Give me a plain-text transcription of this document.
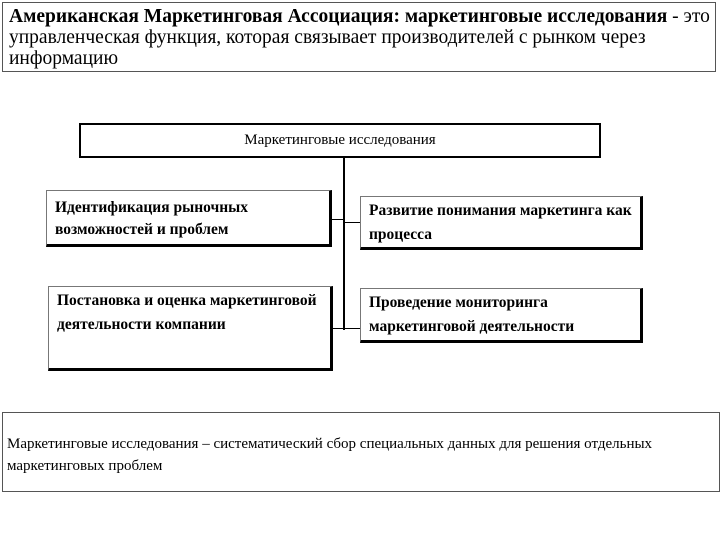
Американская Маркетинговая Ассоциация: маркетинговые исследования - это управленческая функция, которая связывает производителей с рынком через информацию
Маркетинговые исследования
Идентификация рыночных возможностей и проблем
Развитие понимания маркетинга как процесса
Постановка и оценка маркетинговой деятельности компании
Проведение мониторинга маркетинговой деятельности
Маркетинговые исследования – систематический сбор специальных данных для решения отдельных маркетинговых проблем
